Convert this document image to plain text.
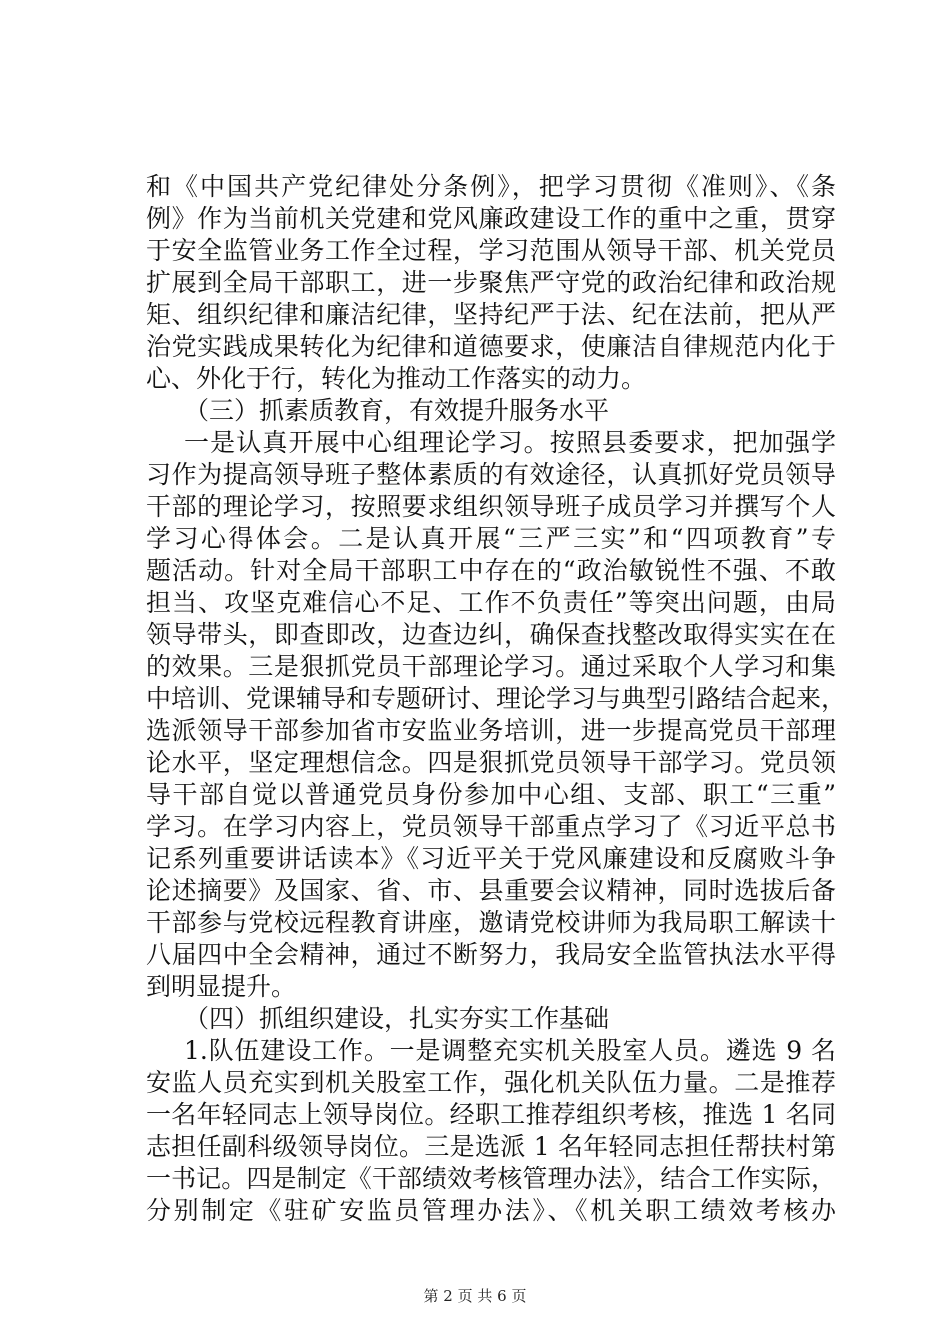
和《中国共产党纪律处分条例》，把学习贯彻《准则》、《条
例》作为当前机关党建和党风廉政建设工作的重中之重，贯穿
于安全监管业务工作全过程，学习范围从领导干部、机关党员
扩展到全局干部职工，进一步聚焦严守党的政治纪律和政治规
矩、组织纪律和廉洁纪律，坚持纪严于法、纪在法前，把从严
治党实践成果转化为纪律和道德要求，使廉洁自律规范内化于
心、外化于行，转化为推动工作落实的动力。
（三）抓素质教育，有效提升服务水平
一是认真开展中心组理论学习。按照县委要求，把加强学
习作为提高领导班子整体素质的有效途径，认真抓好党员领导
干部的理论学习，按照要求组织领导班子成员学习并撰写个人
学习心得体会。二是认真开展“三严三实”和“四项教育”专
题活动。针对全局干部职工中存在的“政治敏锐性不强、不敢
担当、攻坚克难信心不足、工作不负责任”等突出问题，由局
领导带头，即查即改，边查边纠，确保查找整改取得实实在在
的效果。三是狠抓党员干部理论学习。通过采取个人学习和集
中培训、党课辅导和专题研讨、理论学习与典型引路结合起来，
选派领导干部参加省市安监业务培训，进一步提高党员干部理
论水平，坚定理想信念。四是狠抓党员领导干部学习。党员领
导干部自觉以普通党员身份参加中心组、支部、职工“三重”
学习。在学习内容上，党员领导干部重点学习了《习近平总书
记系列重要讲话读本》《习近平关于党风廉建设和反腐败斗争
论述摘要》及国家、省、市、县重要会议精神，同时选拔后备
干部参与党校远程教育讲座，邀请党校讲师为我局职工解读十
八届四中全会精神，通过不断努力，我局安全监管执法水平得
到明显提升。
（四）抓组织建设，扎实夯实工作基础
1.队伍建设工作。一是调整充实机关股室人员。遴选 9 名
安监人员充实到机关股室工作，强化机关队伍力量。二是推荐
一名年轻同志上领导岗位。经职工推荐组织考核，推选 1 名同
志担任副科级领导岗位。三是选派 1 名年轻同志担任帮扶村第
一书记。四是制定《干部绩效考核管理办法》，结合工作实际，
分别制定《驻矿安监员管理办法》、《机关职工绩效考核办
第 2 页 共 6 页
